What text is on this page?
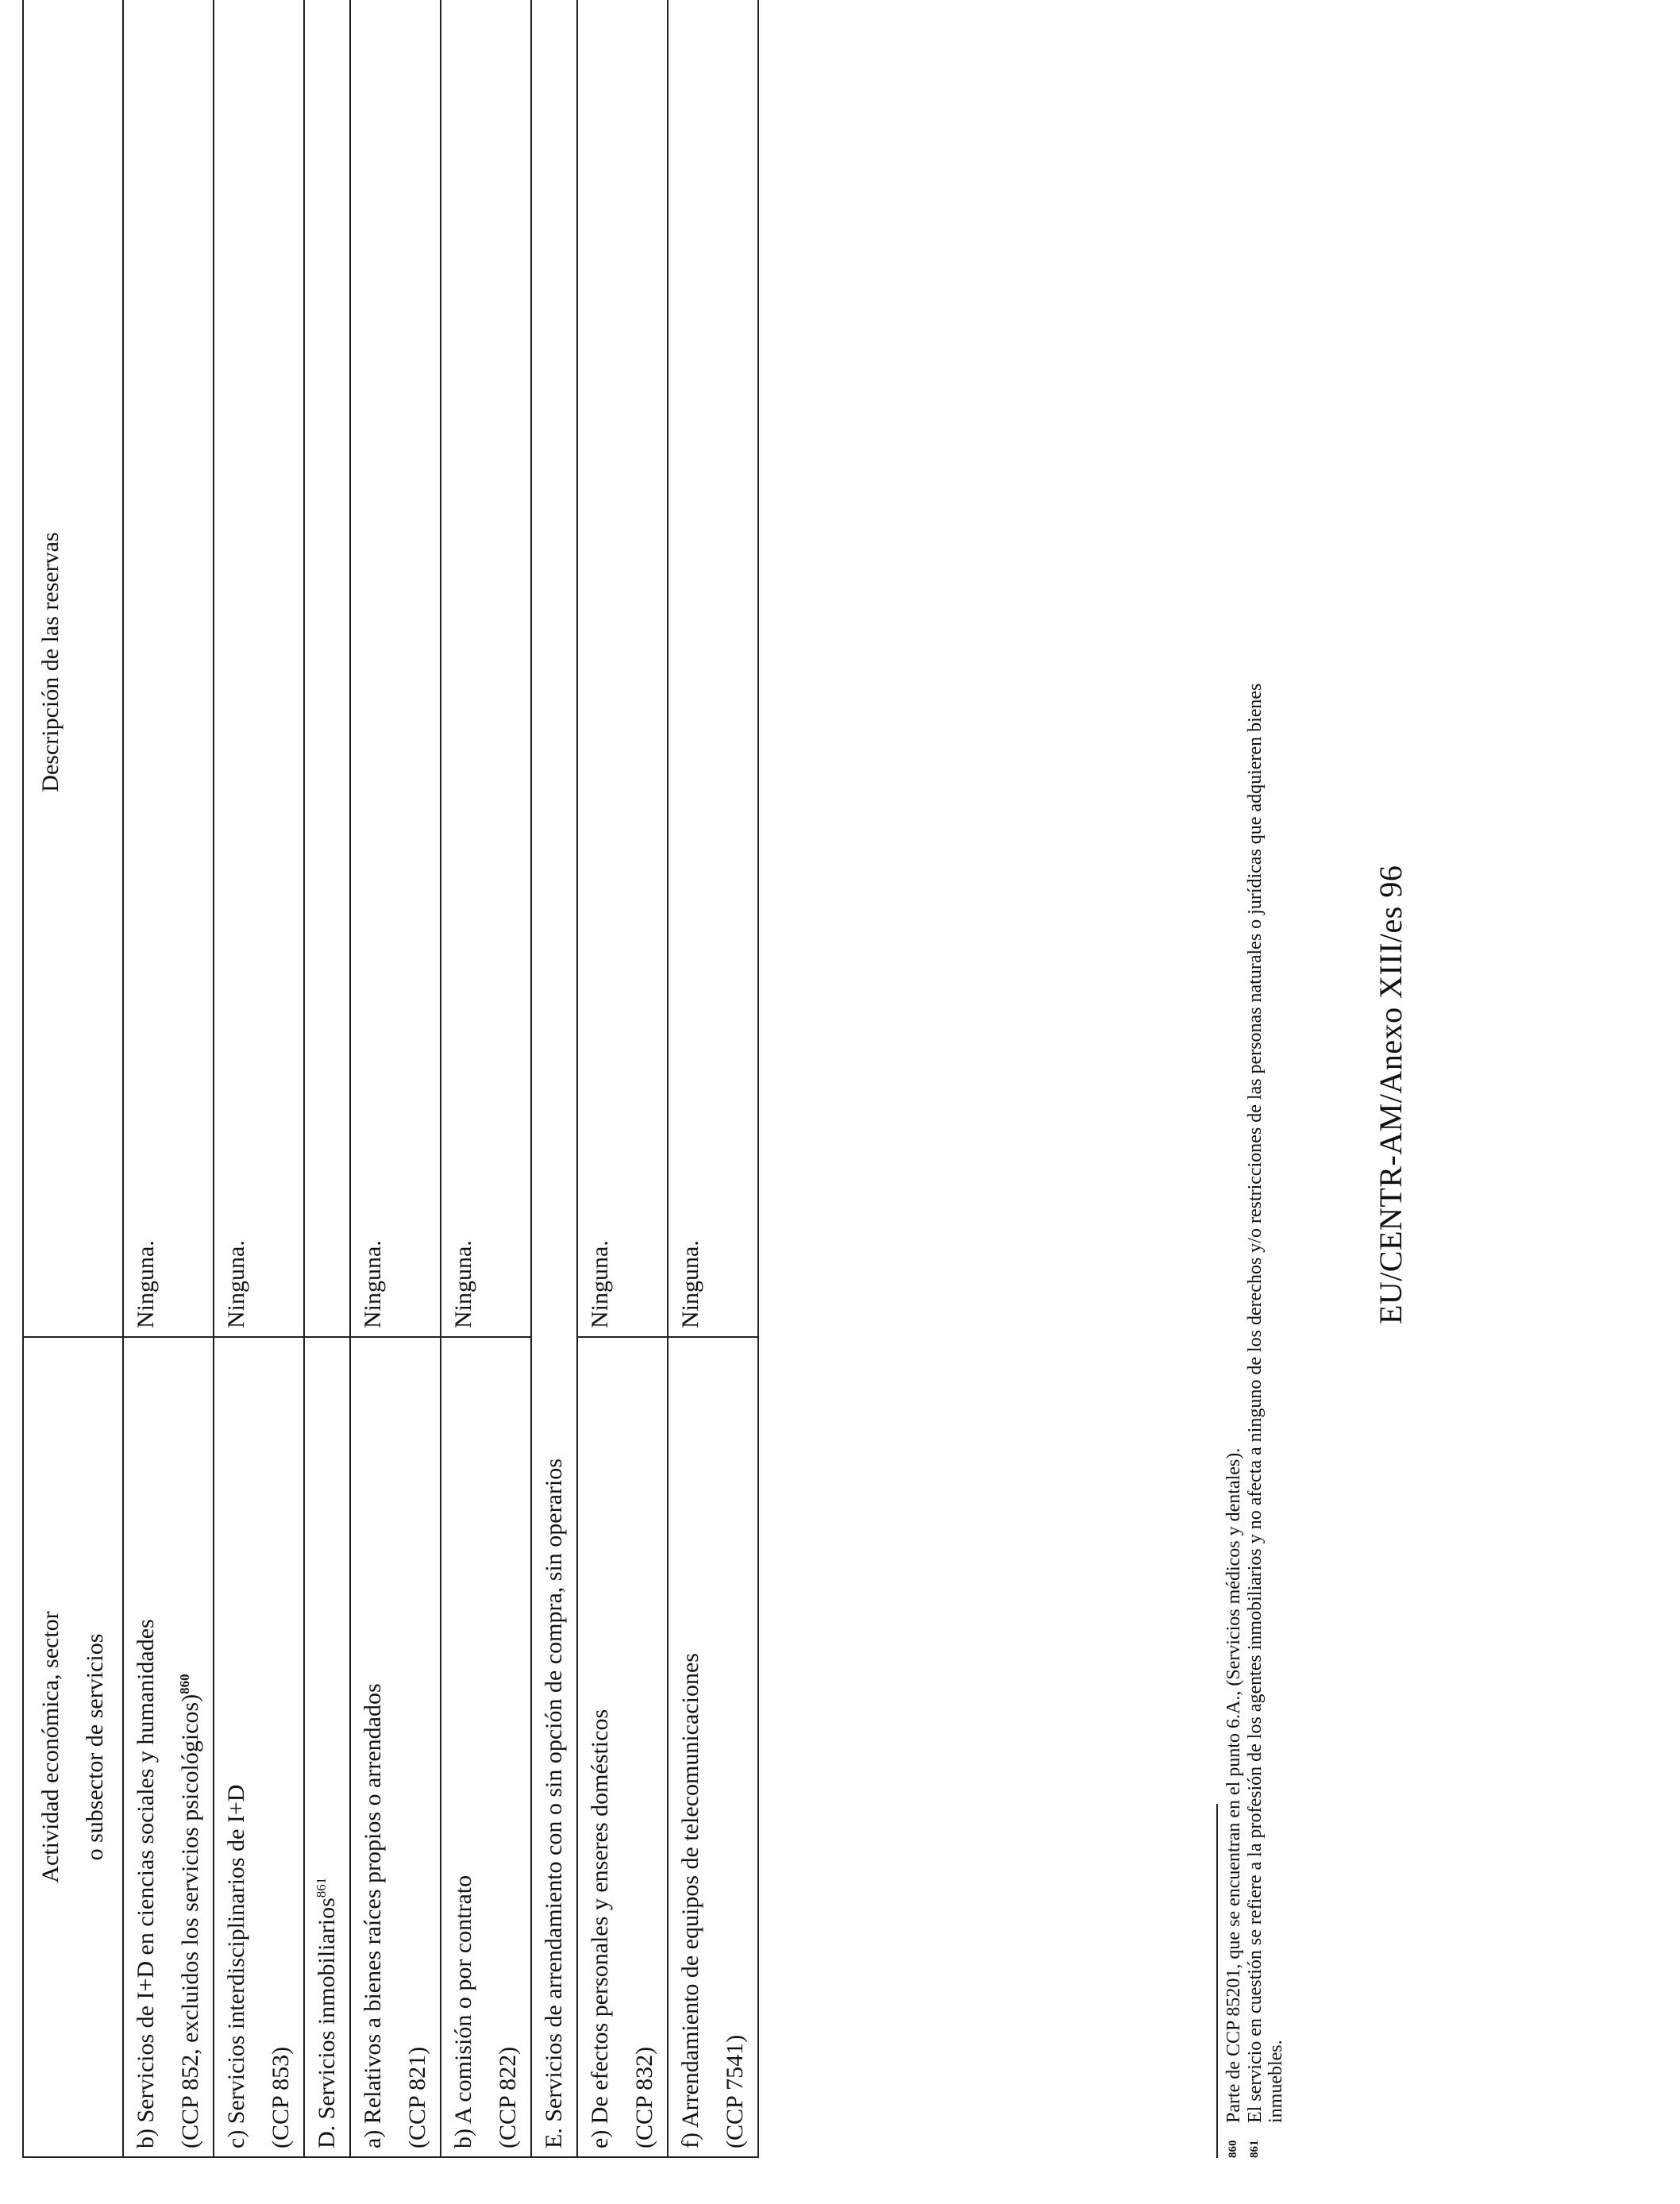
Actividad económica, sector o subsector de servicios	Descripción de las reservas

b) Servicios de I+D en ciencias sociales y humanidades (CCP 852, excluidos los servicios psicológicos)$^{860}$	Ninguna.

c) Servicios interdisciplinarios de I+D (CCP 853)	Ninguna.

D. Servicios inmobiliarios$^{861}$

a) Relativos a bienes raíces propios o arrendados (CCP 821)	Ninguna.

b) A comisión o por contrato (CCP 822)	Ninguna.

E. Servicios de arrendamiento con o sin opción de compra, sin operarios	

e) De efectos personales y enseres domésticos (CCP 832)	Ninguna.

f) Arrendamiento de equipos de telecomunicaciones (CCP 7541)	Ninguna.
860Parte de CCP 85201, que se encuentran en el punto 6.A., (Servicios médicos y dentales).
861El servicio en cuestión se refiere a la profesión de los agentes inmobiliarios y no afecta a ninguno de los derechos y/o restricciones de las personas naturales o jurídicas que adquieren bienes inmuebles.
EU/CENTR-AM/Anexo XIII/es 96
